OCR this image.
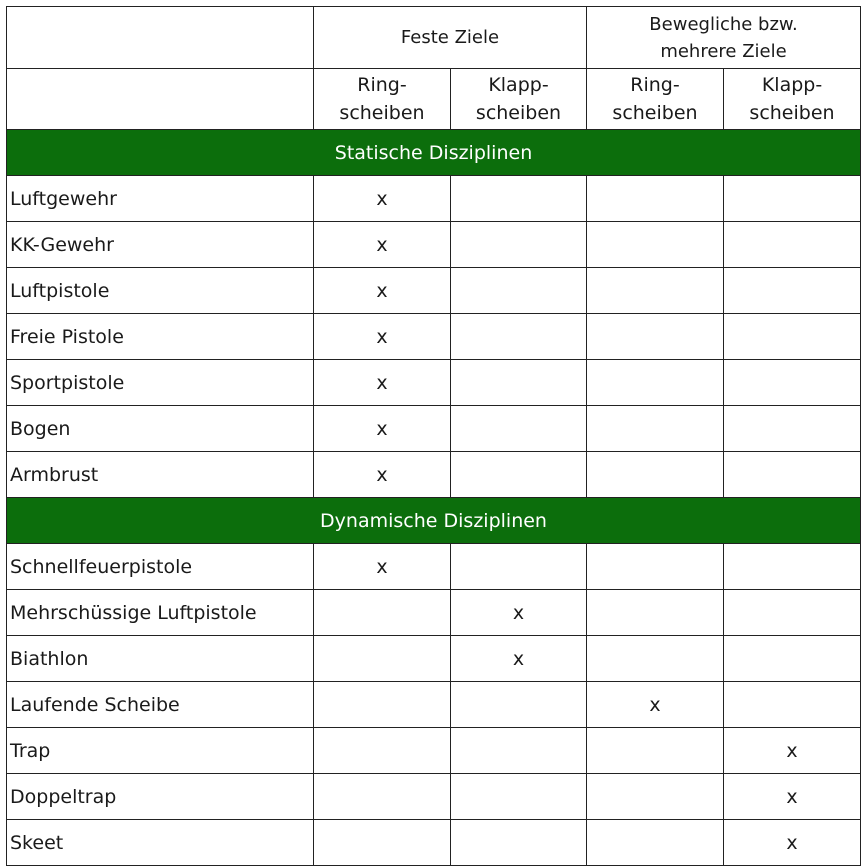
	Feste Ziele		Bewegliche bzw.
mehrere Ziele	
	Ring-
scheiben	Klapp-
scheiben	Ring-
scheiben	Klapp-
scheiben
Statische Disziplinen				
Luftgewehr	x			
KK-Gewehr	x			
Luftpistole	x			
Freie Pistole	x			
Sportpistole	x			
Bogen	x			
Armbrust	x			
Dynamische Disziplinen				
Schnellfeuerpistole	x			
Mehrschüssige Luftpistole		x		
Biathlon		x		
Laufende Scheibe			x	
Trap				x
Doppeltrap				x
Skeet				x
